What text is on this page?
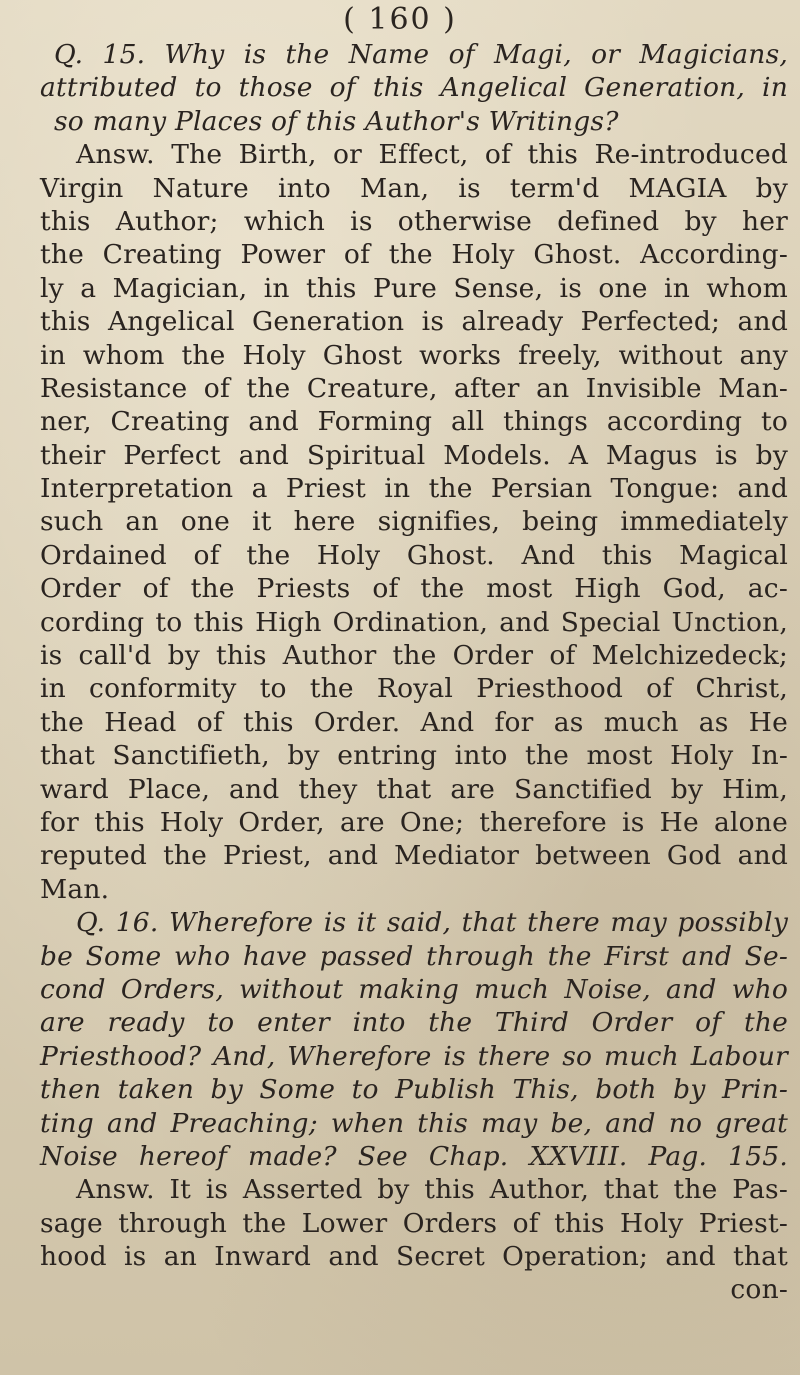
( 160 )
Q. 15. Why is the Name of Magi, or Magicians,
attributed to those of this Angelical Generation, in
so many Places of this Author's Writings?
Answ. The Birth, or Effect, of this Re-introduced
Virgin Nature into Man, is term'd MAGIA by
this Author; which is otherwise defined by her
the Creating Power of the Holy Ghost. According-
ly a Magician, in this Pure Sense, is one in whom
this Angelical Generation is already Perfected; and
in whom the Holy Ghost works freely, without any
Resistance of the Creature, after an Invisible Man-
ner, Creating and Forming all things according to
their Perfect and Spiritual Models. A Magus is by
Interpretation a Priest in the Persian Tongue: and
such an one it here signifies, being immediately
Ordained of the Holy Ghost. And this Magical
Order of the Priests of the most High God, ac-
cording to this High Ordination, and Special Unction,
is call'd by this Author the Order of Melchizedeck;
in conformity to the Royal Priesthood of Christ,
the Head of this Order. And for as much as He
that Sanctifieth, by entring into the most Holy In-
ward Place, and they that are Sanctified by Him,
for this Holy Order, are One; therefore is He alone
reputed the Priest, and Mediator between God and
Man.
Q. 16. Wherefore is it said, that there may possibly
be Some who have passed through the First and Se-
cond Orders, without making much Noise, and who
are ready to enter into the Third Order of the
Priesthood? And, Wherefore is there so much Labour
then taken by Some to Publish This, both by Prin-
ting and Preaching; when this may be, and no great
Noise hereof made? See Chap. XXVIII. Pag. 155.
Answ. It is Asserted by this Author, that the Pas-
sage through the Lower Orders of this Holy Priest-
hood is an Inward and Secret Operation; and that
con-
